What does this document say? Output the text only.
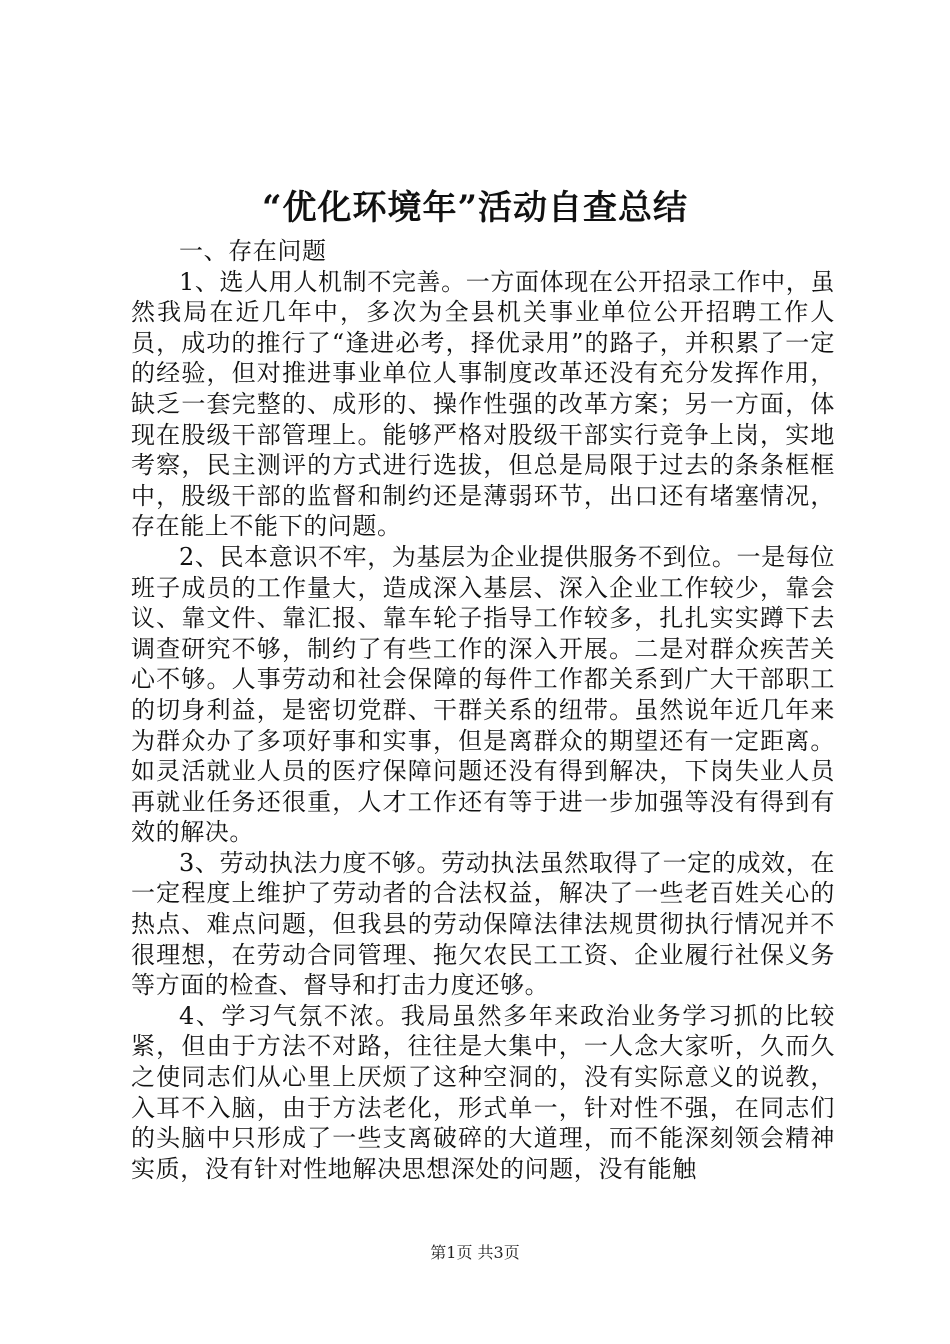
“优化环境年”活动自查总结

一、存在问题

1、选人用人机制不完善。一方面体现在公开招录工作中，虽然我局在近几年中，多次为全县机关事业单位公开招聘工作人员，成功的推行了“逢进必考，择优录用”的路子，并积累了一定的经验，但对推进事业单位人事制度改革还没有充分发挥作用，缺乏一套完整的、成形的、操作性强的改革方案；另一方面，体现在股级干部管理上。能够严格对股级干部实行竞争上岗，实地考察，民主测评的方式进行选拔，但总是局限于过去的条条框框中，股级干部的监督和制约还是薄弱环节，出口还有堵塞情况，存在能上不能下的问题。

2、民本意识不牢，为基层为企业提供服务不到位。一是每位班子成员的工作量大，造成深入基层、深入企业工作较少，靠会议、靠文件、靠汇报、靠车轮子指导工作较多，扎扎实实蹲下去调查研究不够，制约了有些工作的深入开展。二是对群众疾苦关心不够。人事劳动和社会保障的每件工作都关系到广大干部职工的切身利益，是密切党群、干群关系的纽带。虽然说年近几年来为群众办了多项好事和实事，但是离群众的期望还有一定距离。如灵活就业人员的医疗保障问题还没有得到解决，下岗失业人员再就业任务还很重，人才工作还有等于进一步加强等没有得到有效的解决。

3、劳动执法力度不够。劳动执法虽然取得了一定的成效，在一定程度上维护了劳动者的合法权益，解决了一些老百姓关心的热点、难点问题，但我县的劳动保障法律法规贯彻执行情况并不很理想，在劳动合同管理、拖欠农民工工资、企业履行社保义务等方面的检查、督导和打击力度还够。

4、学习气氛不浓。我局虽然多年来政治业务学习抓的比较紧，但由于方法不对路，往往是大集中，一人念大家听，久而久之使同志们从心里上厌烦了这种空洞的，没有实际意义的说教，入耳不入脑，由于方法老化，形式单一，针对性不强，在同志们的头脑中只形成了一些支离破碎的大道理，而不能深刻领会精神实质，没有针对性地解决思想深处的问题，没有能触

第1页 共3页
